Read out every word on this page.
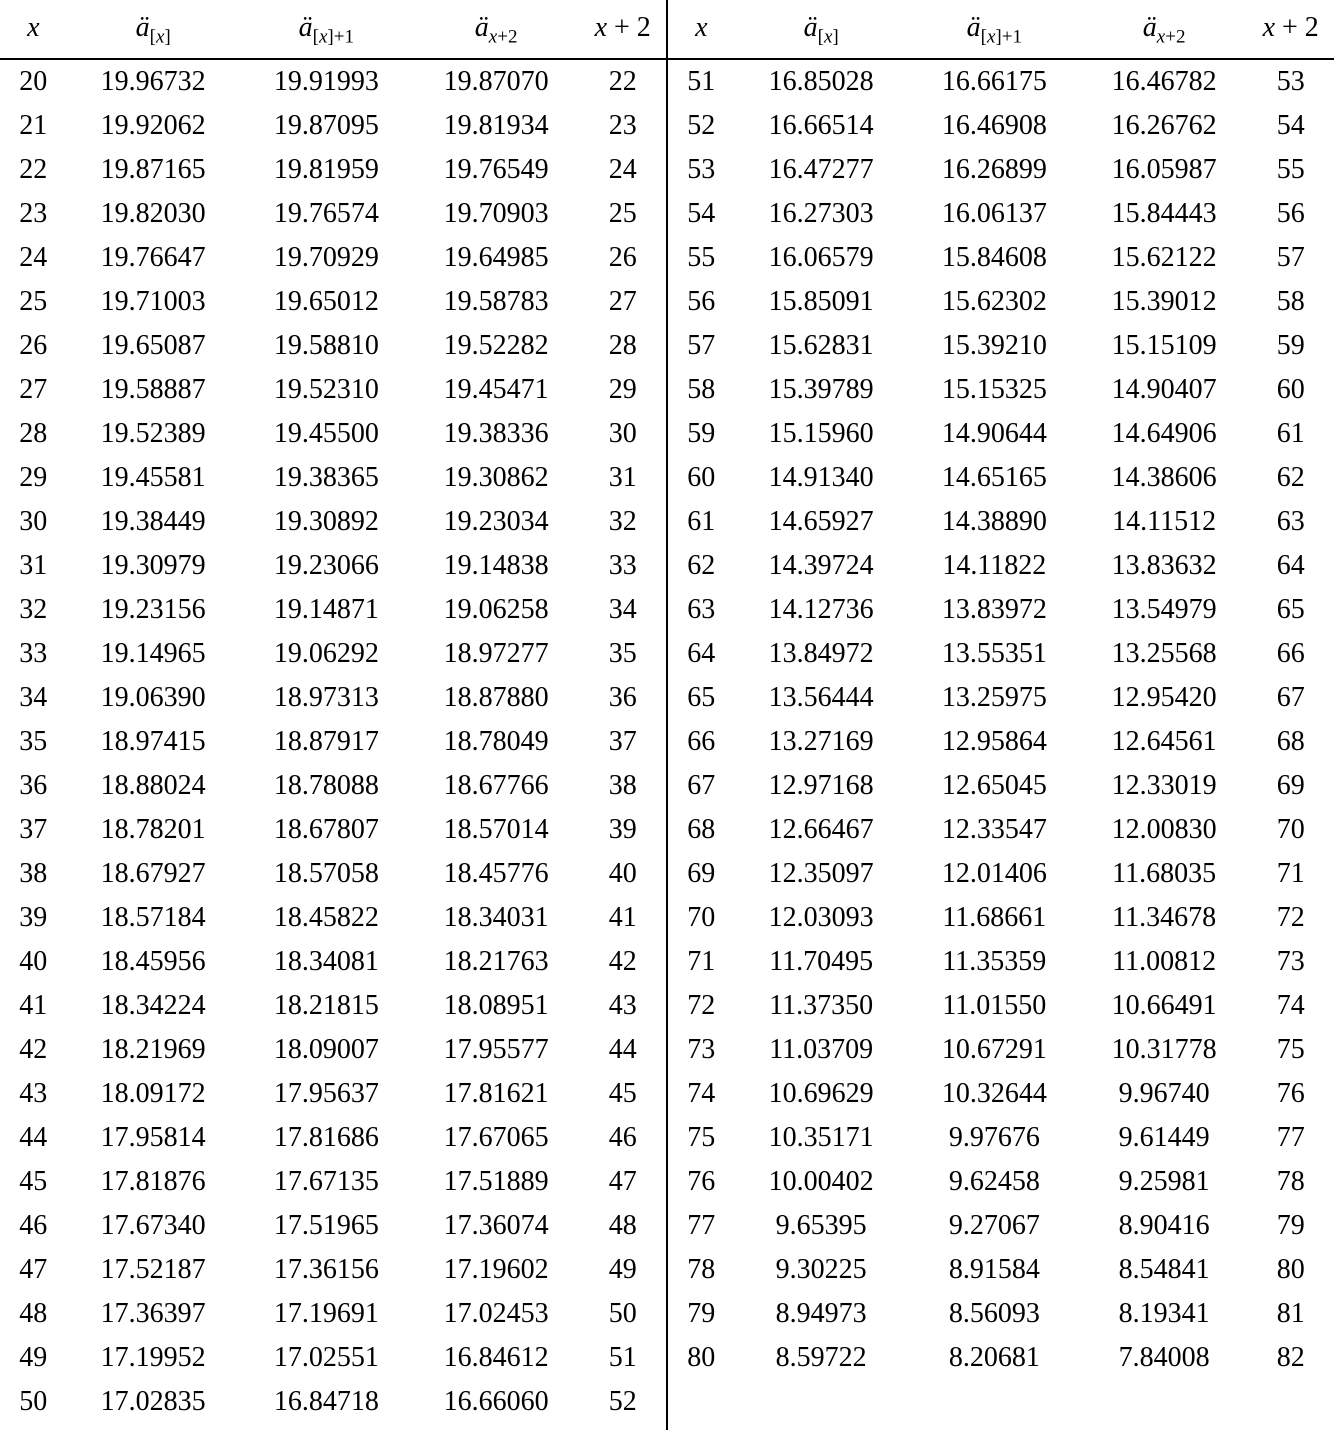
x	$ä_{[x]}$	$ä_{[x]+1}$	$ä_{x+2}$	x + 2
20	19.96732	19.91993	19.87070	22
21	19.92062	19.87095	19.81934	23
22	19.87165	19.81959	19.76549	24
23	19.82030	19.76574	19.70903	25
24	19.76647	19.70929	19.64985	26
25	19.71003	19.65012	19.58783	27
26	19.65087	19.58810	19.52282	28
27	19.58887	19.52310	19.45471	29
28	19.52389	19.45500	19.38336	30
29	19.45581	19.38365	19.30862	31
30	19.38449	19.30892	19.23034	32
31	19.30979	19.23066	19.14838	33
32	19.23156	19.14871	19.06258	34
33	19.14965	19.06292	18.97277	35
34	19.06390	18.97313	18.87880	36
35	18.97415	18.87917	18.78049	37
36	18.88024	18.78088	18.67766	38
37	18.78201	18.67807	18.57014	39
38	18.67927	18.57058	18.45776	40
39	18.57184	18.45822	18.34031	41
40	18.45956	18.34081	18.21763	42
41	18.34224	18.21815	18.08951	43
42	18.21969	18.09007	17.95577	44
43	18.09172	17.95637	17.81621	45
44	17.95814	17.81686	17.67065	46
45	17.81876	17.67135	17.51889	47
46	17.67340	17.51965	17.36074	48
47	17.52187	17.36156	17.19602	49
48	17.36397	17.19691	17.02453	50
49	17.19952	17.02551	16.84612	51
50	17.02835	16.84718	16.66060	52
x	$ä_{[x]}$	$ä_{[x]+1}$	$ä_{x+2}$	x + 2
51	16.85028	16.66175	16.46782	53
52	16.66514	16.46908	16.26762	54
53	16.47277	16.26899	16.05987	55
54	16.27303	16.06137	15.84443	56
55	16.06579	15.84608	15.62122	57
56	15.85091	15.62302	15.39012	58
57	15.62831	15.39210	15.15109	59
58	15.39789	15.15325	14.90407	60
59	15.15960	14.90644	14.64906	61
60	14.91340	14.65165	14.38606	62
61	14.65927	14.38890	14.11512	63
62	14.39724	14.11822	13.83632	64
63	14.12736	13.83972	13.54979	65
64	13.84972	13.55351	13.25568	66
65	13.56444	13.25975	12.95420	67
66	13.27169	12.95864	12.64561	68
67	12.97168	12.65045	12.33019	69
68	12.66467	12.33547	12.00830	70
69	12.35097	12.01406	11.68035	71
70	12.03093	11.68661	11.34678	72
71	11.70495	11.35359	11.00812	73
72	11.37350	11.01550	10.66491	74
73	11.03709	10.67291	10.31778	75
74	10.69629	10.32644	9.96740	76
75	10.35171	9.97676	9.61449	77
76	10.00402	9.62458	9.25981	78
77	9.65395	9.27067	8.90416	79
78	9.30225	8.91584	8.54841	80
79	8.94973	8.56093	8.19341	81
80	8.59722	8.20681	7.84008	82
